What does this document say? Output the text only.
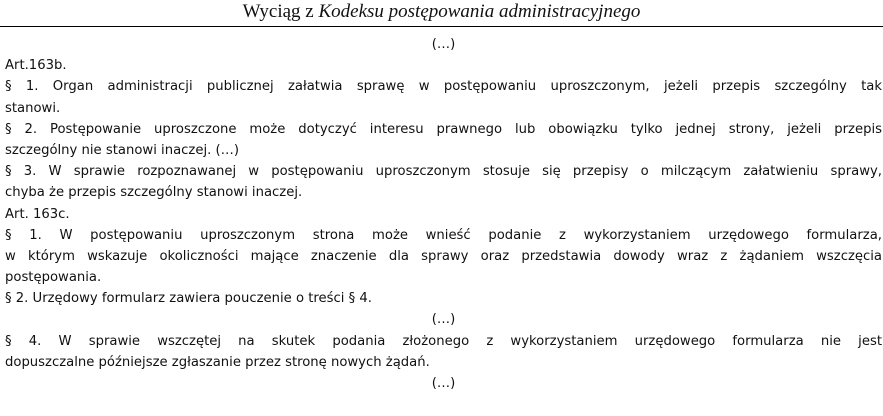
Wyciąg z Kodeksu postępowania administracyjnego
(…)
Art.163b.
§ 1. Organ administracji publicznej załatwia sprawę w postępowaniu uproszczonym, jeżeli przepis szczególny tak
stanowi.
§ 2. Postępowanie uproszczone może dotyczyć interesu prawnego lub obowiązku tylko jednej strony, jeżeli przepis
szczególny nie stanowi inaczej. (…)
§ 3. W sprawie rozpoznawanej w postępowaniu uproszczonym stosuje się przepisy o milczącym załatwieniu sprawy,
chyba że przepis szczególny stanowi inaczej.
Art. 163c.
§ 1. W postępowaniu uproszczonym strona może wnieść podanie z wykorzystaniem urzędowego formularza,
w którym wskazuje okoliczności mające znaczenie dla sprawy oraz przedstawia dowody wraz z żądaniem wszczęcia
postępowania.
§ 2. Urzędowy formularz zawiera pouczenie o treści § 4.
(…)
§ 4. W sprawie wszczętej na skutek podania złożonego z wykorzystaniem urzędowego formularza nie jest
dopuszczalne późniejsze zgłaszanie przez stronę nowych żądań.
(…)
